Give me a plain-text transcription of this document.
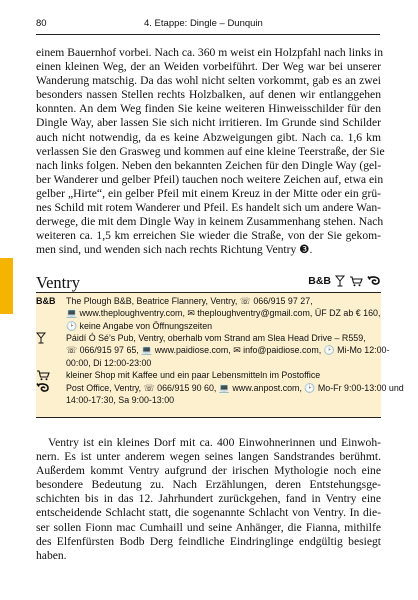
80	4. Etappe: Dingle – Dunquin
einem Bauernhof vorbei. Nach ca. 360 m weist ein Holzpfahl nach links in
einen kleinen Weg, der an Weiden vorbeiführt. Der Weg war bei unserer
Wanderung matschig. Da das wohl nicht selten vorkommt, gab es an zwei
besonders nassen Stellen rechts Holzbalken, auf denen wir entlanggehen
konnten. An dem Weg finden Sie keine weiteren Hinweisschilder für den
Dingle Way, aber lassen Sie sich nicht irritieren. Im Grunde sind Schilder
auch nicht notwendig, da es keine Abzweigungen gibt. Nach ca. 1,6 km
verlassen Sie den Grasweg und kommen auf eine kleine Teerstraße, der Sie
nach links folgen. Neben den bekannten Zeichen für den Dingle Way (gel-
ber Wanderer und gelber Pfeil) tauchen noch weitere Zeichen auf, etwa ein
gelber „Hirte“, ein gelber Pfeil mit einem Kreuz in der Mitte oder ein grü-
nes Schild mit rotem Wanderer und Pfeil. Es handelt sich um andere Wan-
derwege, die mit dem Dingle Way in keinem Zusammenhang stehen. Nach
weiteren ca. 1,5 km erreichen Sie wieder die Straße, von der Sie gekom-
men sind, und wenden sich nach rechts Richtung Ventry ❸.
Ventry	B&B
B&B	The Plough B&B, Beatrice Flannery, Ventry, ☏ 066/915 97 27,
💻 www.theploughventry.com, ✉ theploughventry@gmail.com, ÜF DZ ab € 160,
🕑 keine Angabe von Öffnungszeiten
Páidí Ó Sé’s Pub, Ventry, oberhalb vom Strand am Slea Head Drive – R559,
☏ 066/915 97 65, 💻 www.paidiose.com, ✉ info@paidiose.com, 🕑 Mi-Mo 12:00-
00:00, Di 12:00-23:00
kleiner Shop mit Kaffee und ein paar Lebensmitteln im Postoffice
Post Office, Ventry, ☏ 066/915 90 60, 💻 www.anpost.com, 🕑 Mo-Fr 9:00-13:00 und
14:00-17:30, Sa 9:00-13:00
Ventry ist ein kleines Dorf mit ca. 400 Einwohnerinnen und Einwoh-
nern. Es ist unter anderem wegen seines langen Sandstrandes berühmt.
Außerdem kommt Ventry aufgrund der irischen Mythologie noch eine
besondere Bedeutung zu. Nach Erzählungen, deren Entstehungsge-
schichten bis in das 12. Jahrhundert zurückgehen, fand in Ventry eine
entscheidende Schlacht statt, die sogenannte Schlacht von Ventry. In die-
ser sollen Fionn mac Cumhaill und seine Anhänger, die Fianna, mithilfe
des Elfenfürsten Bodb Derg feindliche Eindringlinge endgültig besiegt
haben.
